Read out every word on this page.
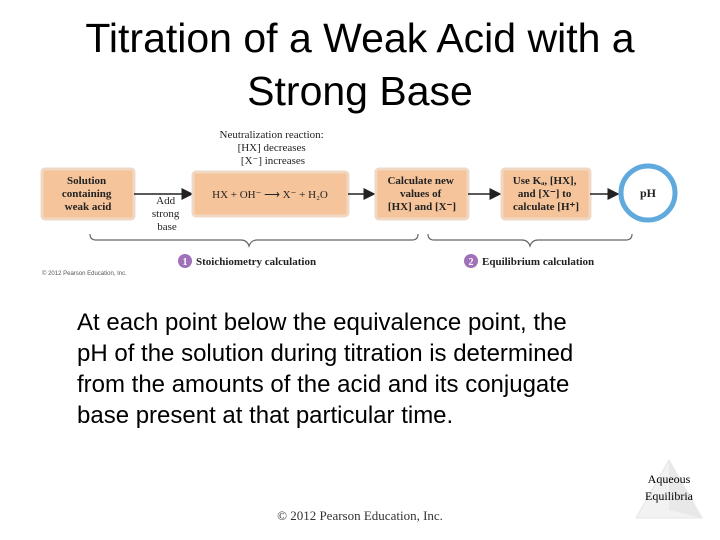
Titration of a Weak Acid with a
Strong Base
Neutralization reaction: [HX] decreases [X⁻] increases
Solution containing weak acid	Add strong base
HX + OH⁻ ⟶ X⁻ + H₂O
Calculate new values of [HX] and [X⁻]
Use Kₐ, [HX], and [X⁻] to calculate [H⁺]
pH
1 Stoichiometry calculation	2 Equilibrium calculation
© 2012 Pearson Education, Inc.
At each point below the equivalence point, the
pH of the solution during titration is determined
from the amounts of the acid and its conjugate
base present at that particular time.
Aqueous
Equilibria
© 2012 Pearson Education, Inc.
